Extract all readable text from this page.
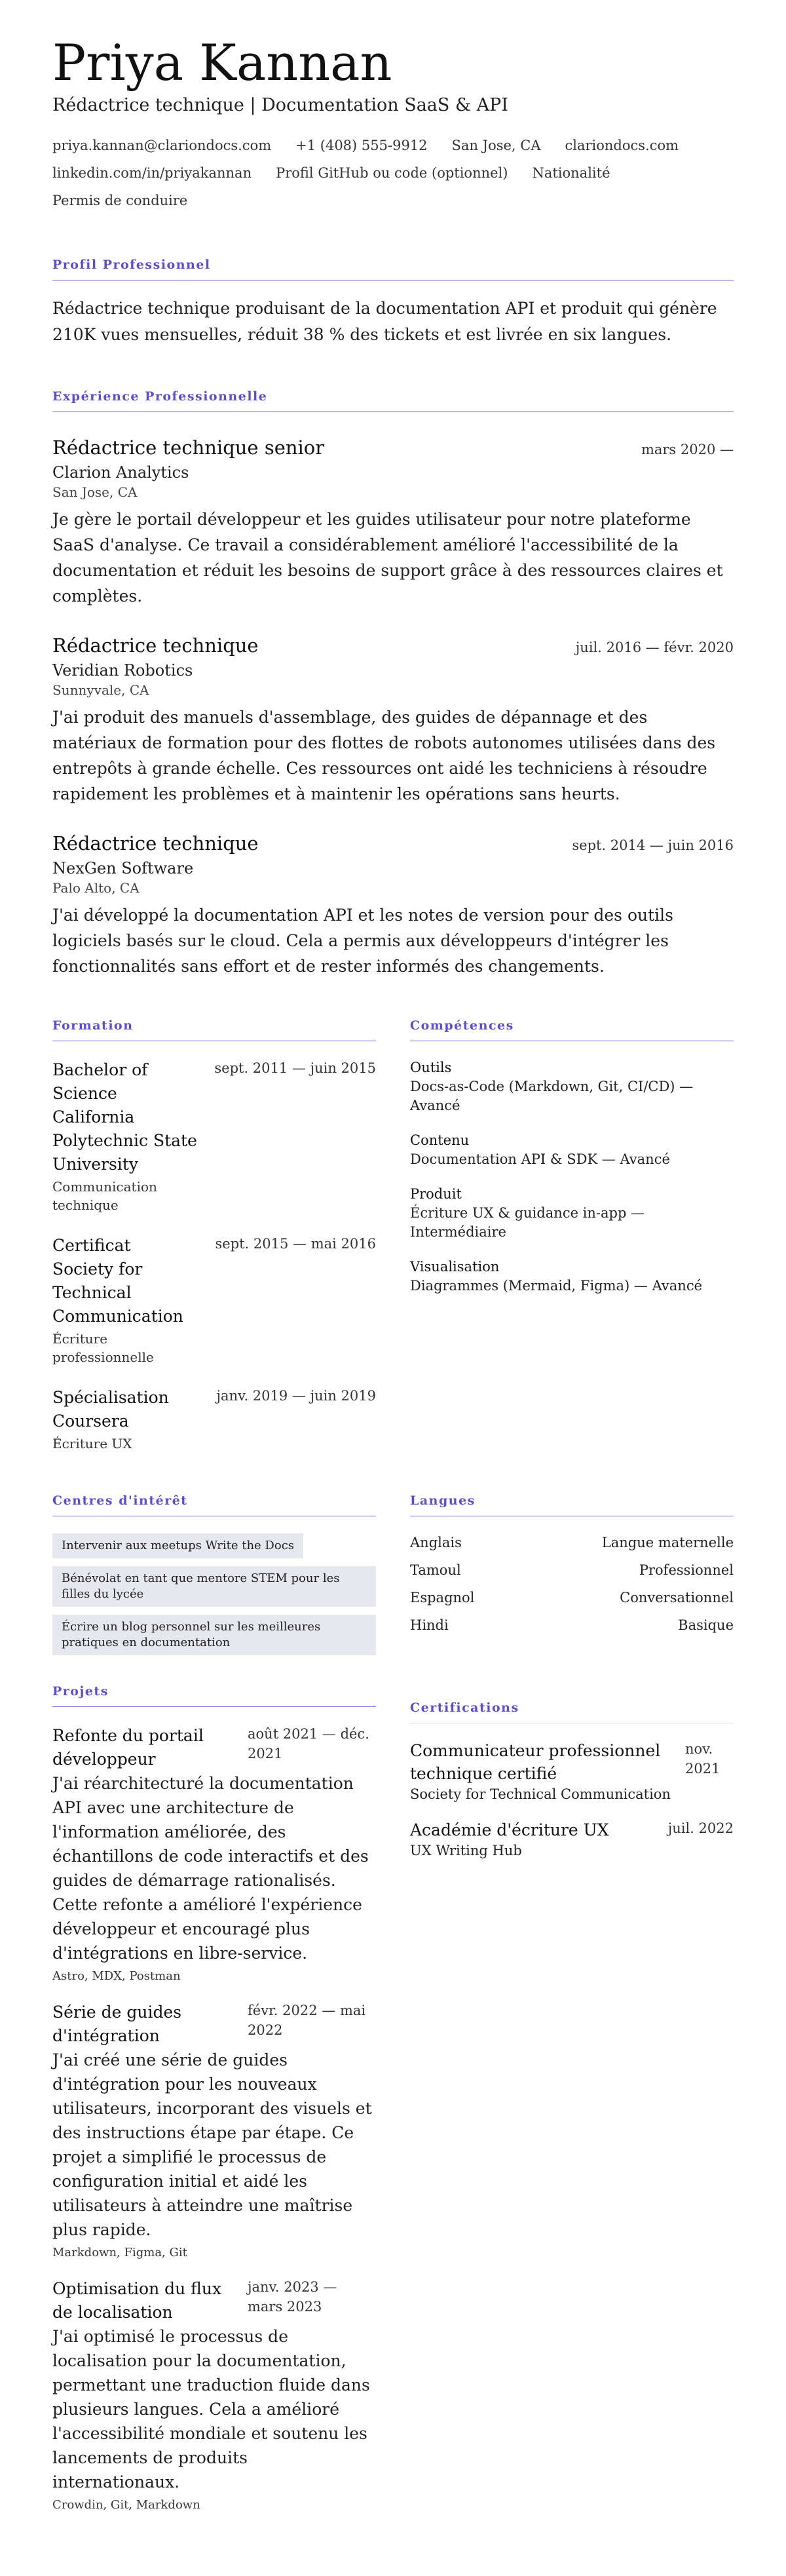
Priya Kannan
Rédactrice technique | Documentation SaaS & API
priya.kannan@clariondocs.com +1 (408) 555-9912 San Jose, CA clariondocs.com
linkedin.com/in/priyakannan Profil GitHub ou code (optionnel) Nationalité
Permis de conduire
Profil Professionnel

Rédactrice technique produisant de la documentation API et produit qui génère 210K vues mensuelles, réduit 38 % des tickets et est livrée en six langues.

Expérience Professionnelle
Rédactrice technique senior	mars 2020 —
Clarion Analytics
San Jose, CA

Je gère le portail développeur et les guides utilisateur pour notre plateforme SaaS d'analyse. Ce travail a considérablement amélioré l'accessibilité de la documentation et réduit les besoins de support grâce à des ressources claires et complètes.

Rédactrice technique	juil. 2016 — févr. 2020
Veridian Robotics
Sunnyvale, CA

J'ai produit des manuels d'assemblage, des guides de dépannage et des matériaux de formation pour des flottes de robots autonomes utilisées dans des entrepôts à grande échelle. Ces ressources ont aidé les techniciens à résoudre rapidement les problèmes et à maintenir les opérations sans heurts.

Rédactrice technique	sept. 2014 — juin 2016
NexGen Software
Palo Alto, CA

J'ai développé la documentation API et les notes de version pour des outils logiciels basés sur le cloud. Cela a permis aux développeurs d'intégrer les fonctionnalités sans effort et de rester informés des changements.

Formation
Bachelor of Science
California Polytechnic State University
Communication technique
sept. 2011 — juin 2015
Certificat
Society for Technical Communication
Écriture professionnelle
sept. 2015 — mai 2016
Spécialisation
Coursera
Écriture UX
janv. 2019 — juin 2019
Compétences
Outils
Docs-as-Code (Markdown, Git, CI/CD) — Avancé
Contenu
Documentation API & SDK — Avancé
Produit
Écriture UX & guidance in-app — Intermédiaire
Visualisation
Diagrammes (Mermaid, Figma) — Avancé
Centres d'intérêt
Intervenir aux meetups Write the Docs
Bénévolat en tant que mentore STEM pour les filles du lycée
Écrire un blog personnel sur les meilleures pratiques en documentation
Projets
Refonte du portail développeur
août 2021 — déc. 2021

J'ai réarchitecturé la documentation API avec une architecture de l'information améliorée, des échantillons de code interactifs et des guides de démarrage rationalisés. Cette refonte a amélioré l'expérience développeur et encouragé plus d'intégrations en libre-service.

Astro, MDX, Postman
Série de guides d'intégration
févr. 2022 — mai 2022

J'ai créé une série de guides d'intégration pour les nouveaux utilisateurs, incorporant des visuels et des instructions étape par étape. Ce projet a simplifié le processus de configuration initial et aidé les utilisateurs à atteindre une maîtrise plus rapide.

Markdown, Figma, Git
Optimisation du flux de localisation
janv. 2023 — mars 2023

J'ai optimisé le processus de localisation pour la documentation, permettant une traduction fluide dans plusieurs langues. Cela a amélioré l'accessibilité mondiale et soutenu les lancements de produits internationaux.

Crowdin, Git, Markdown
Langues
Anglais	Langue maternelle
Tamoul	Professionnel
Espagnol	Conversationnel
Hindi	Basique
Certifications
Communicateur professionnel technique certifié
Society for Technical Communication
nov. 2021
Académie d'écriture UX
UX Writing Hub
juil. 2022
